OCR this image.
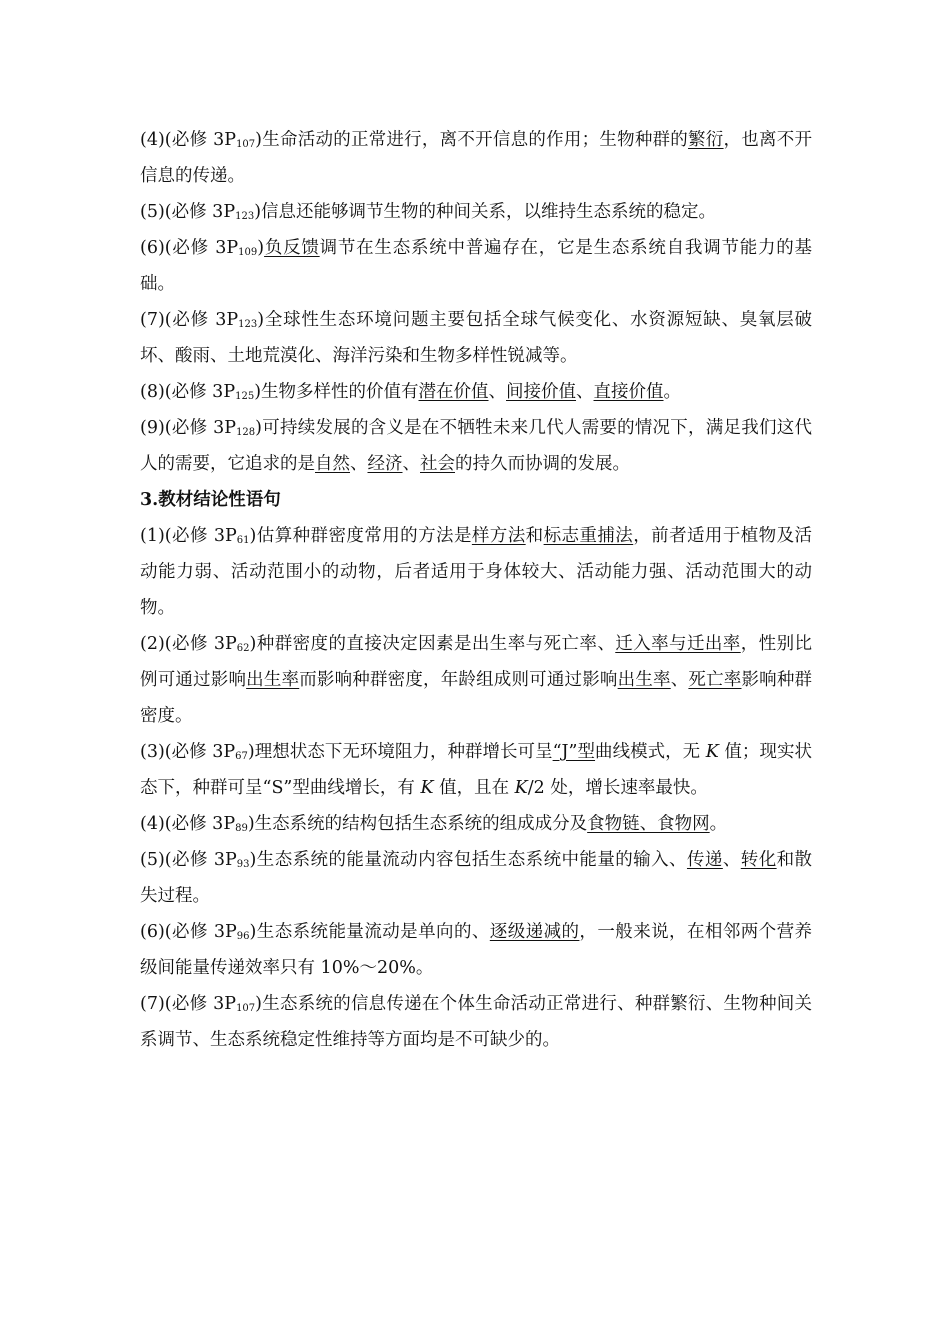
(4)(必修 $3P_{107}$)生命活动的正常进行，离不开信息的作用；生物种群的繁衍，也离不开信息的传递。

(5)(必修 $3P_{123}$)信息还能够调节生物的种间关系，以维持生态系统的稳定。

(6)(必修 $3P_{109}$)负反馈调节在生态系统中普遍存在，它是生态系统自我调节能力的基础。

(7)(必修 $3P_{123}$)全球性生态环境问题主要包括全球气候变化、水资源短缺、臭氧层破坏、酸雨、土地荒漠化、海洋污染和生物多样性锐减等。

(8)(必修 $3P_{125}$)生物多样性的价值有潜在价值、间接价值、直接价值。

(9)(必修 $3P_{128}$)可持续发展的含义是在不牺牲未来几代人需要的情况下，满足我们这代人的需要，它追求的是自然、经济、社会的持久而协调的发展。

3.教材结论性语句

(1)(必修 $3P_{61}$)估算种群密度常用的方法是样方法和标志重捕法，前者适用于植物及活动能力弱、活动范围小的动物，后者适用于身体较大、活动能力强、活动范围大的动物。

(2)(必修 $3P_{62}$)种群密度的直接决定因素是出生率与死亡率、迁入率与迁出率，性别比例可通过影响出生率而影响种群密度，年龄组成则可通过影响出生率、死亡率影响种群密度。

(3)(必修 $3P_{67}$)理想状态下无环境阻力，种群增长可呈“J”型曲线模式，无 K 值；现实状态下，种群可呈“S”型曲线增长，有 K 值，且在 K/2 处，增长速率最快。

(4)(必修 $3P_{89}$)生态系统的结构包括生态系统的组成成分及食物链、食物网。

(5)(必修 $3P_{93}$)生态系统的能量流动内容包括生态系统中能量的输入、传递、转化和散失过程。

(6)(必修 $3P_{96}$)生态系统能量流动是单向的、逐级递减的，一般来说，在相邻两个营养级间能量传递效率只有 10%～20%。

(7)(必修 $3P_{107}$)生态系统的信息传递在个体生命活动正常进行、种群繁衍、生物种间关系调节、生态系统稳定性维持等方面均是不可缺少的。
